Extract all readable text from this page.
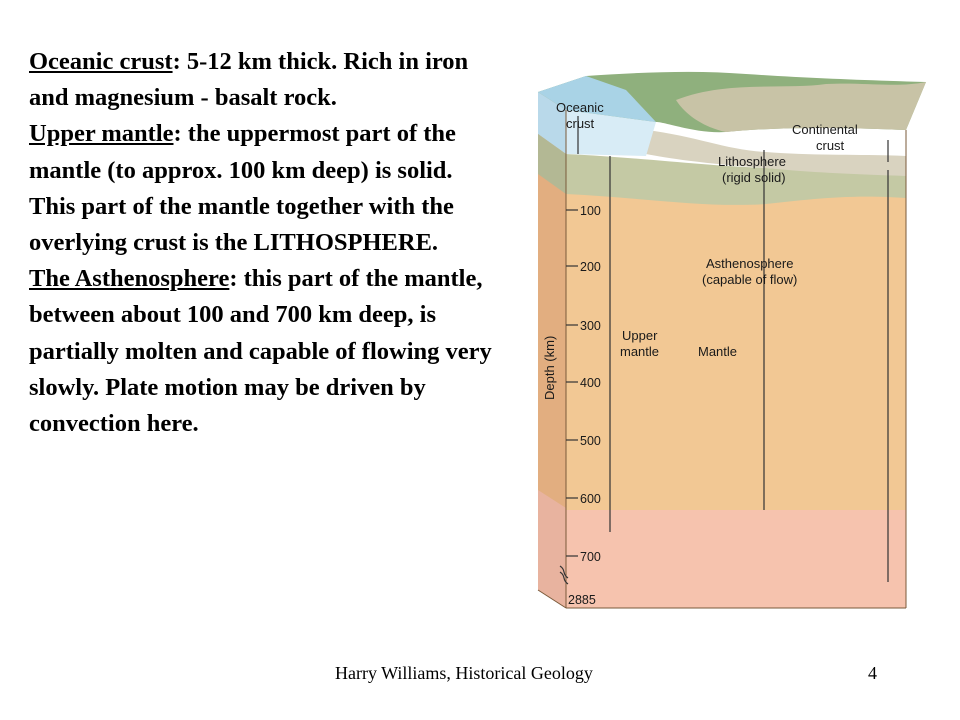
Oceanic crust: 5-12 km thick. Rich in iron and magnesium - basalt rock.
Upper mantle: the uppermost part of the mantle (to approx. 100 km deep) is solid. This part of the mantle together with the overlying crust is the LITHOSPHERE.
The Asthenosphere: this part of the mantle, between about 100 and 700 km deep, is partially molten and capable of flowing very slowly. Plate motion may be driven by convection here.
100
200
300
400
500
600
700
2885
Oceanic
crust	Continental
crust
Lithosphere
(rigid solid)
Asthenosphere
(capable of flow)
Upper
mantle	Mantle
Depth (km)
Harry Williams, Historical Geology	4
